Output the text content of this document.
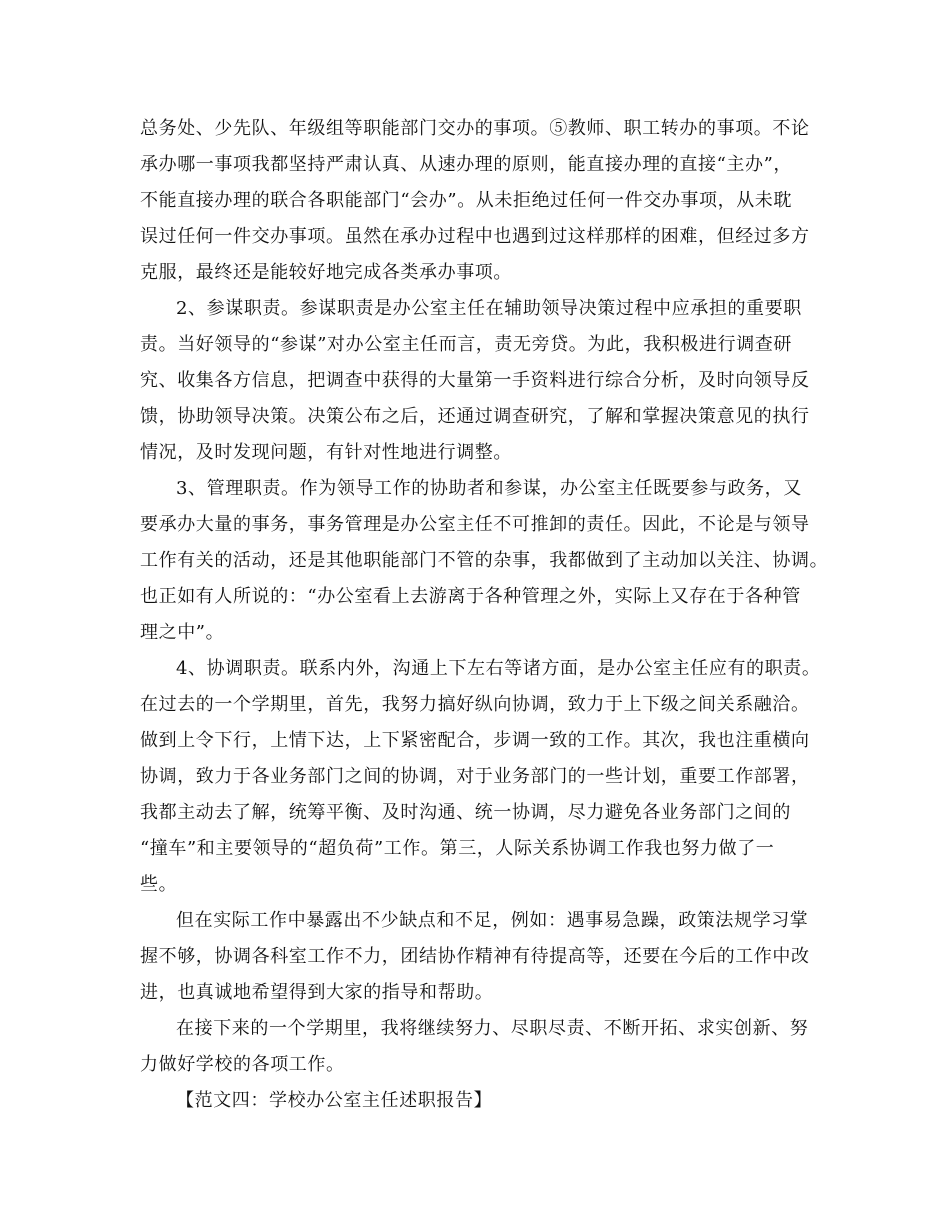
总务处、少先队、年级组等职能部门交办的事项。⑤教师、职工转办的事项。不论
承办哪一事项我都坚持严肃认真、从速办理的原则，能直接办理的直接“主办”，
不能直接办理的联合各职能部门“会办”。从未拒绝过任何一件交办事项，从未耽
误过任何一件交办事项。虽然在承办过程中也遇到过这样那样的困难，但经过多方
克服，最终还是能较好地完成各类承办事项。
2、参谋职责。参谋职责是办公室主任在辅助领导决策过程中应承担的重要职
责。当好领导的“参谋”对办公室主任而言，责无旁贷。为此，我积极进行调查研
究、收集各方信息，把调查中获得的大量第一手资料进行综合分析，及时向领导反
馈，协助领导决策。决策公布之后，还通过调查研究，了解和掌握决策意见的执行
情况，及时发现问题，有针对性地进行调整。
3、管理职责。作为领导工作的协助者和参谋，办公室主任既要参与政务，又
要承办大量的事务，事务管理是办公室主任不可推卸的责任。因此，不论是与领导
工作有关的活动，还是其他职能部门不管的杂事，我都做到了主动加以关注、协调。
也正如有人所说的：“办公室看上去游离于各种管理之外，实际上又存在于各种管
理之中”。
4、协调职责。联系内外，沟通上下左右等诸方面，是办公室主任应有的职责。
在过去的一个学期里，首先，我努力搞好纵向协调，致力于上下级之间关系融洽。
做到上令下行，上情下达，上下紧密配合，步调一致的工作。其次，我也注重横向
协调，致力于各业务部门之间的协调，对于业务部门的一些计划，重要工作部署，
我都主动去了解，统筹平衡、及时沟通、统一协调，尽力避免各业务部门之间的
“撞车”和主要领导的“超负荷”工作。第三，人际关系协调工作我也努力做了一
些。
但在实际工作中暴露出不少缺点和不足，例如：遇事易急躁，政策法规学习掌
握不够，协调各科室工作不力，团结协作精神有待提高等，还要在今后的工作中改
进，也真诚地希望得到大家的指导和帮助。
在接下来的一个学期里，我将继续努力、尽职尽责、不断开拓、求实创新、努
力做好学校的各项工作。
【范文四：学校办公室主任述职报告】
